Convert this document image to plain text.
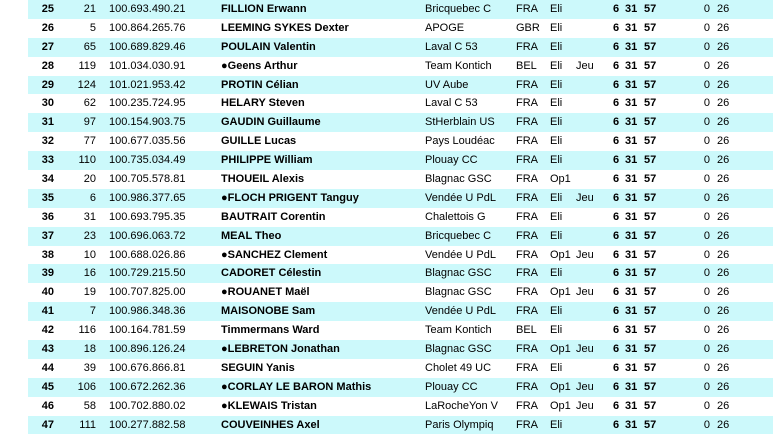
25	21 100.693.490.21	FILLION Erwann	Bricquebec C FRA Eli	6 31 57	0 26
26	5 100.864.265.76	LEEMING SYKES Dexter	APOGE	GBR Eli	6 31 57	0 26
27	65 100.689.829.46	POULAIN Valentin	Laval C 53	FRA Eli	6 31 57	0 26
28	119 101.034.030.91	●Geens Arthur	Team Kontich BEL Eli Jeu 6 31 57	0 26
29	124 101.021.953.42	PROTIN Célian	UV Aube	FRA Eli	6 31 57	0 26
30	62 100.235.724.95	HELARY Steven	Laval C 53	FRA Eli	6 31 57	0 26
31	97 100.154.903.75	GAUDIN Guillaume	StHerblain US FRA Eli	6 31 57	0 26
32	77 100.677.035.56	GUILLE Lucas	Pays Loudéac FRA Eli	6 31 57	0 26
33	110 100.735.034.49	PHILIPPE William	Plouay CC	FRA Eli	6 31 57	0 26
34	20 100.705.578.81	THOUEIL Alexis	Blagnac GSC FRA Op1	6 31 57	0 26
35	6 100.986.377.65	●FLOCH PRIGENT Tanguy	Vendée U PdL FRA Eli Jeu 6 31 57	0 26
36	31 100.693.795.35	BAUTRAIT Corentin	Chalettois G	FRA Eli	6 31 57	0 26
37	23 100.696.063.72	MEAL Theo	Bricquebec C FRA Eli	6 31 57	0 26
38	10 100.688.026.86	●SANCHEZ Clement	Vendée U PdL FRA Op1 Jeu 6 31 57	0 26
39	16 100.729.215.50	CADORET Célestin	Blagnac GSC FRA Eli	6 31 57	0 26
40	19 100.707.825.00	●ROUANET Maël	Blagnac GSC FRA Op1 Jeu 6 31 57	0 26
41	7 100.986.348.36	MAISONOBE Sam	Vendée U PdL FRA Eli	6 31 57	0 26
42	116 100.164.781.59	Timmermans Ward	Team Kontich BEL Eli	6 31 57	0 26
43	18 100.896.126.24	●LEBRETON Jonathan	Blagnac GSC FRA Op1 Jeu 6 31 57	0 26
44	39 100.676.866.81	SEGUIN Yanis	Cholet 49 UC FRA Eli	6 31 57	0 26
45	106 100.672.262.36	●CORLAY LE BARON Mathis	Plouay CC	FRA Op1 Jeu 6 31 57	0 26
46	58 100.702.880.02	●KLEWAIS Tristan	LaRocheYon V FRA Op1 Jeu 6 31 57	0 26
47	111 100.277.882.58	COUVEINHES Axel	Paris Olympiq FRA Eli	6 31 57	0 26
